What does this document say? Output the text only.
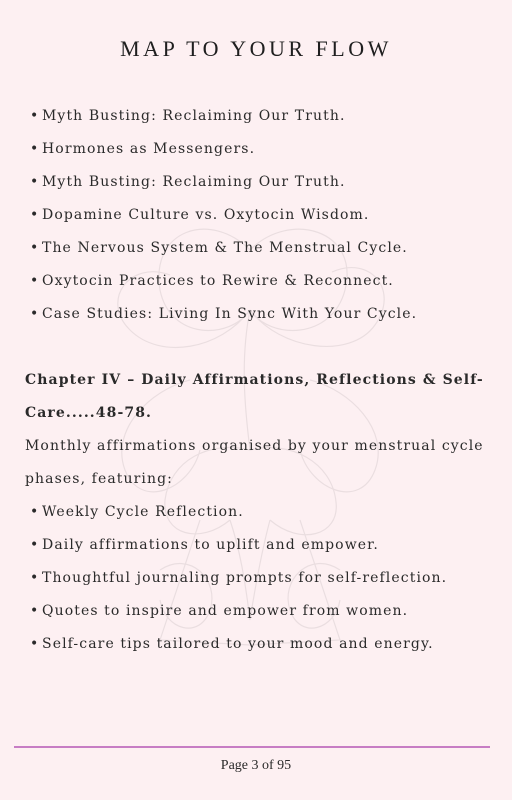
MAP TO YOUR FLOW
• Myth Busting: Reclaiming Our Truth.
• Hormones as Messengers.
• Myth Busting: Reclaiming Our Truth.
• Dopamine Culture vs. Oxytocin Wisdom.
• The Nervous System & The Menstrual Cycle.
• Oxytocin Practices to Rewire & Reconnect.
• Case Studies: Living In Sync With Your Cycle.
Chapter IV – Daily Affirmations, Reflections & Self-Care.....48-78.
Monthly affirmations organised by your menstrual cycle phases, featuring:
• Weekly Cycle Reflection.
• Daily affirmations to uplift and empower.
• Thoughtful journaling prompts for self-reflection.
• Quotes to inspire and empower from women.
• Self-care tips tailored to your mood and energy.
Page 3 of 95
